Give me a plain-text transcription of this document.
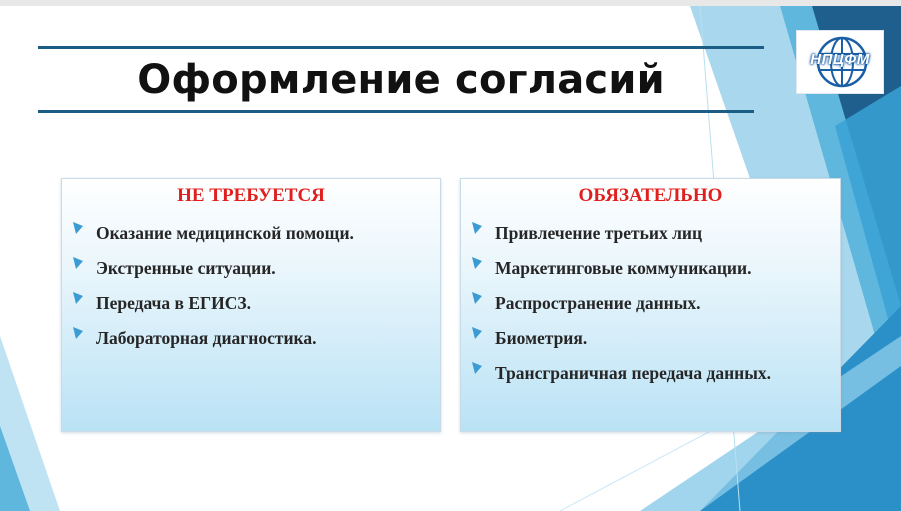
Оформление согласий	НПЦФМ
НЕ ТРЕБУЕТСЯ
Оказание медицинской помощи.
Экстренные ситуации.
Передача в ЕГИСЗ.
Лабораторная диагностика.
ОБЯЗАТЕЛЬНО
Привлечение третьих лиц
Маркетинговые коммуникации.
Распространение данных.
Биометрия.
Трансграничная передача данных.
